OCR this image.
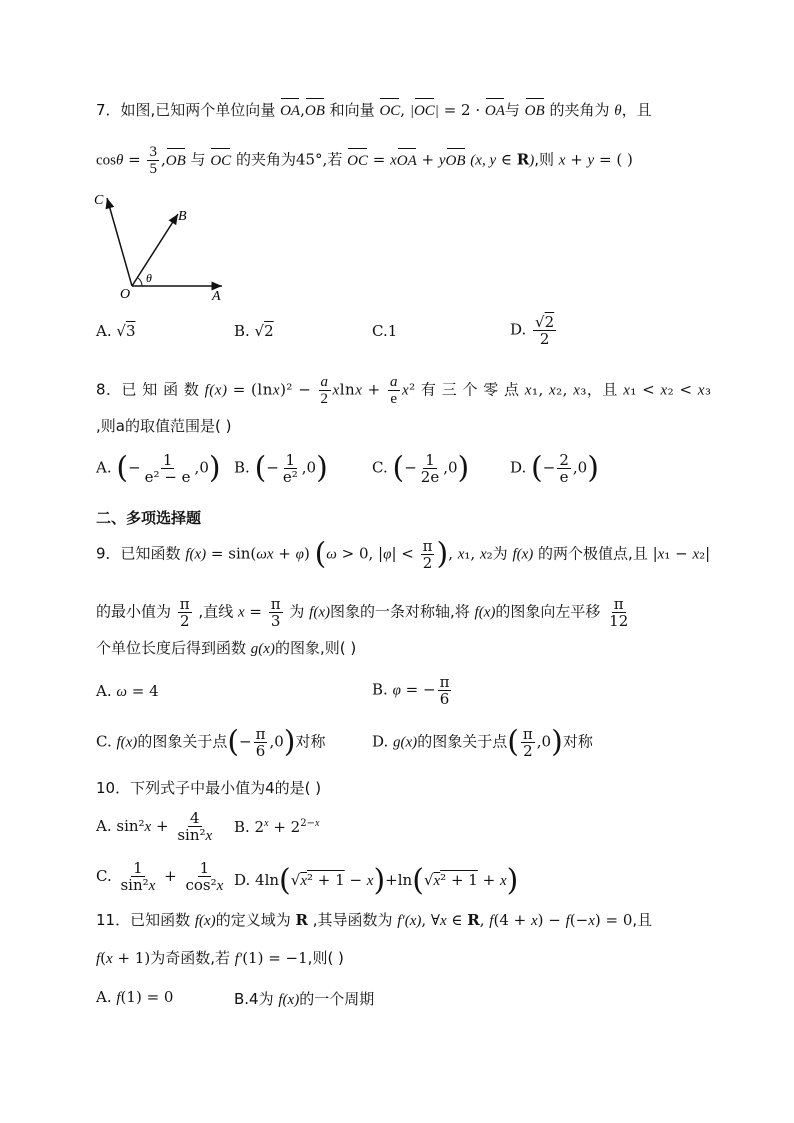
7．如图,已知两个单位向量 OA,OB 和向量 OC, |OC| = 2 · OA与 OB 的夹角为 θ，且
$\cos\theta = \frac{3}{5} ,OB$ 与 OC 的夹角为45°,若 OC = xOA + yOB (x, y ∈ R),则 x + y = ( )
C
B
O	A
θ
A. √3	B. √2	C.1	D. $\frac{√2}{2}$
8．已 知 函 数 $f(x) = (\ln x)^2 - \frac{a}{2}$ $xlnx + \frac{a}{e} x^2$ 有 三 个 零 点 x₁, x₂, x₃，且 x₁ < x₂ < x₃
,则a的取值范围是( )
A. (− $\frac{1}{\text{e² − e}} ,0$) B. (− $\frac{1}{\text{e²}} ,0$)	C. (− $\frac{1}{2e} ,0$)	D. (− $\frac{2}{e} ,0$)
二、多项选择题
9．已知函数 f(x) = sin(ωx + φ) (ω > 0, $|\varphi| < \frac{\pi}{2}$ ), x₁, x₂为 f(x) 的两个极值点,且 |x₁ − x₂|
的最小值为 $\frac{\pi}{2}$ ,直线 $x = \frac{\pi}{3}$ 为 f(x)图象的一条对称轴,将 f(x)的图象向左平移 $\frac{\pi}{12}$
个单位长度后得到函数 g(x)的图象,则( )
A. ω = 4	B. φ = − $\frac{\pi}{6}$
C. f(x)的图象关于点(− $\frac{\pi}{6} ,0$)对称	D. g(x)的图象关于点( $\frac{\pi}{2} ,0$)对称
10．下列式子中最小值为4的是( )
A. $\sin^2x + \frac{4}{\text{sin²x}} B$. $2^x + 2^{2-x}$
C. $\frac{1}{\text{sin²x}} + \frac{1}{\text{cos²x}} D$. 4ln(√x² + 1 − x)+ln(√x² + 1 + x)
11．已知函数 f(x)的定义域为 R ,其导函数为 f′(x), ∀x ∈ R, f(4 + x) − f(−x) = 0,且
f(x + 1)为奇函数,若 f′(1) = −1,则( )
A. f(1) = 0	B.4为 f(x)的一个周期
